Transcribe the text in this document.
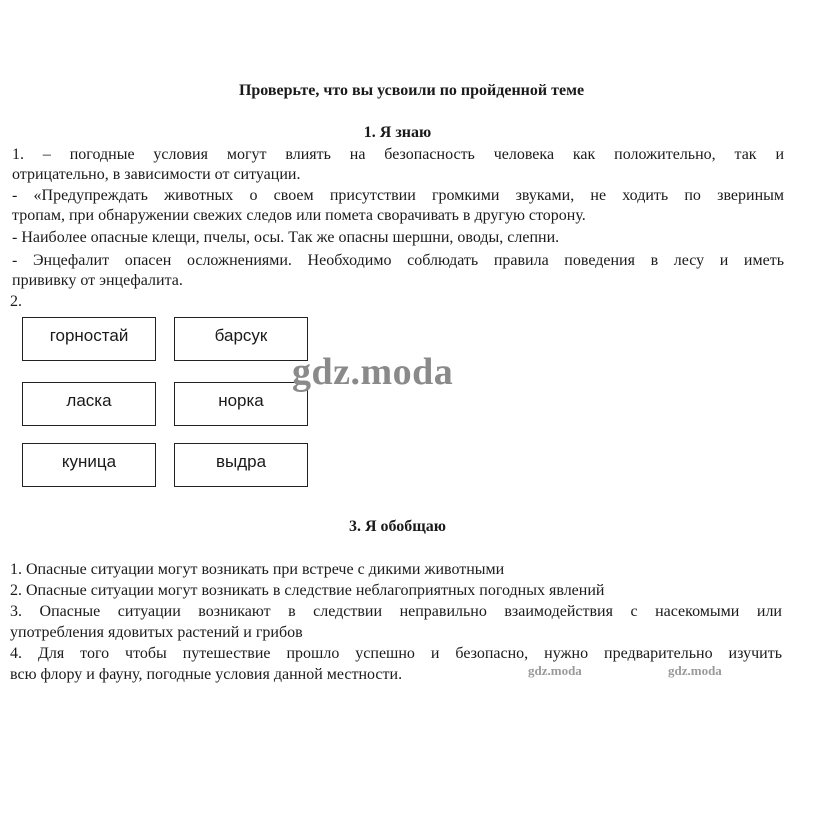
Проверьте, что вы усвоили по пройденной теме
1. Я знаю
1. – погодные условия могут влиять на безопасность человека как положительно, так и
отрицательно, в зависимости от ситуации.
- «Предупреждать животных о своем присутствии громкими звуками, не ходить по звериным
тропам, при обнаружении свежих следов или помета сворачивать в другую сторону.
- Наиболее опасные клещи, пчелы, осы. Так же опасны шершни, оводы, слепни.
- Энцефалит опасен осложнениями. Необходимо соблюдать правила поведения в лесу и иметь
прививку от энцефалита.
2.
горностай	барсук
ласка	норка
куница	выдра
gdz.moda
3. Я обобщаю
1. Опасные ситуации могут возникать при встрече с дикими животными
2. Опасные ситуации могут возникать в следствие неблагоприятных погодных явлений
3. Опасные ситуации возникают в следствии неправильно взаимодействия с насекомыми или
употребления ядовитых растений и грибов
4. Для того чтобы путешествие прошло успешно и безопасно, нужно предварительно изучить
всю флору и фауну, погодные условия данной местности.	gdz.moda	gdz.moda
